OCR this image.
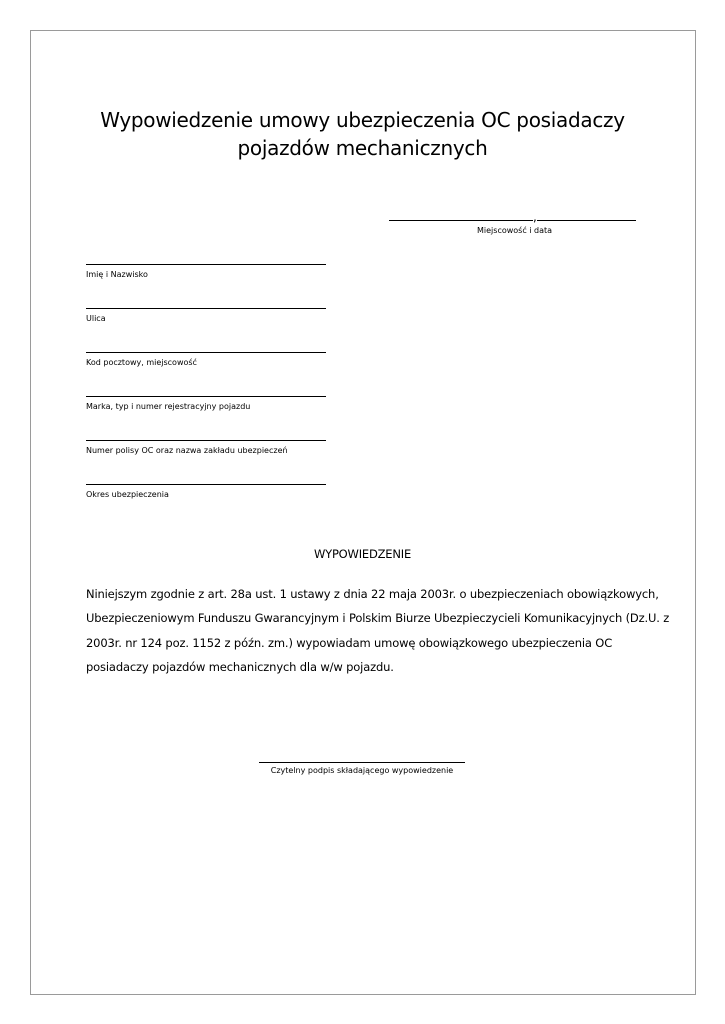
Wypowiedzenie umowy ubezpieczenia OC posiadaczy
pojazdów mechanicznych
,
Miejscowość i data
Imię i Nazwisko
Ulica
Kod pocztowy, miejscowość
Marka, typ i numer rejestracyjny pojazdu
Numer polisy OC oraz nazwa zakładu ubezpieczeń
Okres ubezpieczenia
WYPOWIEDZENIE
Niniejszym zgodnie z art. 28a ust. 1 ustawy z dnia 22 maja 2003r. o ubezpieczeniach obowiązkowych,
Ubezpieczeniowym Funduszu Gwarancyjnym i Polskim Biurze Ubezpieczycieli Komunikacyjnych (Dz.U. z
2003r. nr 124 poz. 1152 z późn. zm.) wypowiadam umowę obowiązkowego ubezpieczenia OC
posiadaczy pojazdów mechanicznych dla w/w pojazdu.
Czytelny podpis składającego wypowiedzenie
